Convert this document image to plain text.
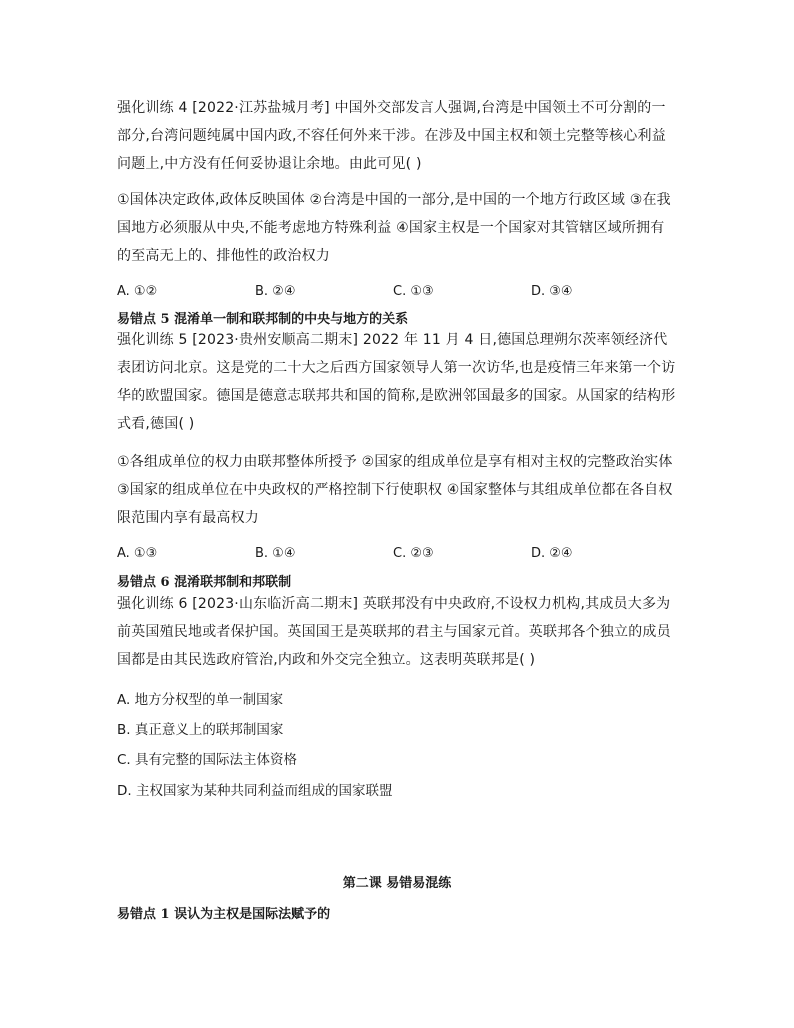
强化训练 4 [2022·江苏盐城月考] 中国外交部发言人强调,台湾是中国领土不可分割的一部分,台湾问题纯属中国内政,不容任何外来干涉。在涉及中国主权和领土完整等核心利益问题上,中方没有任何妥协退让余地。由此可见( )
①国体决定政体,政体反映国体 ②台湾是中国的一部分,是中国的一个地方行政区域 ③在我国地方必须服从中央,不能考虑地方特殊利益 ④国家主权是一个国家对其管辖区域所拥有的至高无上的、排他性的政治权力
A. ①②	B. ②④	C. ①③	D. ③④
易错点 5 混淆单一制和联邦制的中央与地方的关系
强化训练 5 [2023·贵州安顺高二期末] 2022 年 11 月 4 日,德国总理朔尔茨率领经济代表团访问北京。这是党的二十大之后西方国家领导人第一次访华,也是疫情三年来第一个访华的欧盟国家。德国是德意志联邦共和国的简称,是欧洲邻国最多的国家。从国家的结构形式看,德国( )
①各组成单位的权力由联邦整体所授予 ②国家的组成单位是享有相对主权的完整政治实体 ③国家的组成单位在中央政权的严格控制下行使职权 ④国家整体与其组成单位都在各自权限范围内享有最高权力
A. ①③	B. ①④	C. ②③	D. ②④
易错点 6 混淆联邦制和邦联制
强化训练 6 [2023·山东临沂高二期末] 英联邦没有中央政府,不设权力机构,其成员大多为前英国殖民地或者保护国。英国国王是英联邦的君主与国家元首。英联邦各个独立的成员国都是由其民选政府管治,内政和外交完全独立。这表明英联邦是( )
A. 地方分权型的单一制国家
B. 真正意义上的联邦制国家
C. 具有完整的国际法主体资格
D. 主权国家为某种共同利益而组成的国家联盟
第二课 易错易混练
易错点 1 误认为主权是国际法赋予的
